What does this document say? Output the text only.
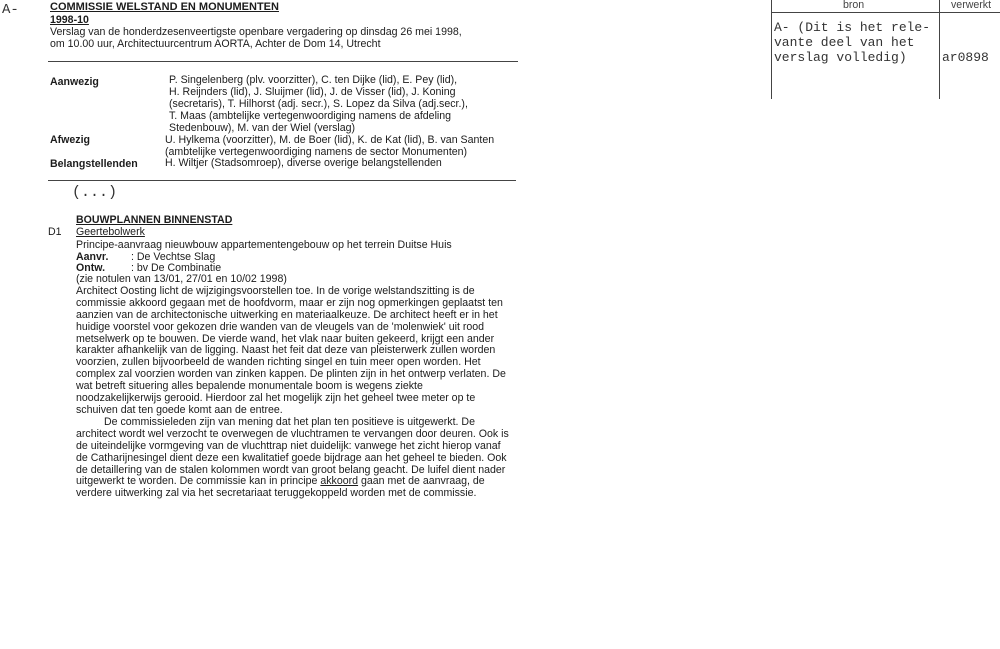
A-	COMMISSIE WELSTAND EN MONUMENTEN
1998-10
Verslag van de honderdzesenveertigste openbare vergadering op dinsdag 26 mei 1998,
om 10.00 uur, Architectuurcentrum AORTA, Achter de Dom 14, Utrecht
Aanwezig	P. Singelenberg (plv. voorzitter), C. ten Dijke (lid), E. Pey (lid),
H. Reijnders (lid), J. Sluijmer (lid), J. de Visser (lid), J. Koning
(secretaris), T. Hilhorst (adj. secr.), S. Lopez da Silva (adj.secr.),
T. Maas (ambtelijke vertegenwoordiging namens de afdeling
Stedenbouw), M. van der Wiel (verslag)
Afwezig	U. Hylkema (voorzitter), M. de Boer (lid), K. de Kat (lid), B. van Santen
(ambtelijke vertegenwoordiging namens de sector Monumenten)
Belangstellenden	H. Wiltjer (Stadsomroep), diverse overige belangstellenden
(...)
BOUWPLANNEN BINNENSTAD
D1 Geertebolwerk
Principe-aanvraag nieuwbouw appartementengebouw op het terrein Duitse Huis
Aanvr. : De Vechtse Slag
Ontw. : bv De Combinatie
(zie notulen van 13/01, 27/01 en 10/02 1998)
Architect Oosting licht de wijzigingsvoorstellen toe. In de vorige welstandszitting is de
commissie akkoord gegaan met de hoofdvorm, maar er zijn nog opmerkingen geplaatst ten
aanzien van de architectonische uitwerking en materiaalkeuze. De architect heeft er in het
huidige voorstel voor gekozen drie wanden van de vleugels van de 'molenwiek' uit rood
metselwerk op te bouwen. De vierde wand, het vlak naar buiten gekeerd, krijgt een ander
karakter afhankelijk van de ligging. Naast het feit dat deze van pleisterwerk zullen worden
voorzien, zullen bijvoorbeeld de wanden richting singel en tuin meer open worden. Het
complex zal voorzien worden van zinken kappen. De plinten zijn in het ontwerp verlaten. De
wat betreft situering alles bepalende monumentale boom is wegens ziekte
noodzakelijkerwijs gerooid. Hierdoor zal het mogelijk zijn het geheel twee meter op te
schuiven dat ten goede komt aan de entree.
De commissieleden zijn van mening dat het plan ten positieve is uitgewerkt. De
architect wordt wel verzocht te overwegen de vluchtramen te vervangen door deuren. Ook is
de uiteindelijke vormgeving van de vluchttrap niet duidelijk: vanwege het zicht hierop vanaf
de Catharijnesingel dient deze een kwalitatief goede bijdrage aan het geheel te bieden. Ook
de detaillering van de stalen kolommen wordt van groot belang geacht. De luifel dient nader
uitgewerkt te worden. De commissie kan in principe akkoord gaan met de aanvraag, de
verdere uitwerking zal via het secretariaat teruggekoppeld worden met de commissie.
bron	verwerkt
A- (Dit is het rele-
vante deel van het
verslag volledig)	ar0898
